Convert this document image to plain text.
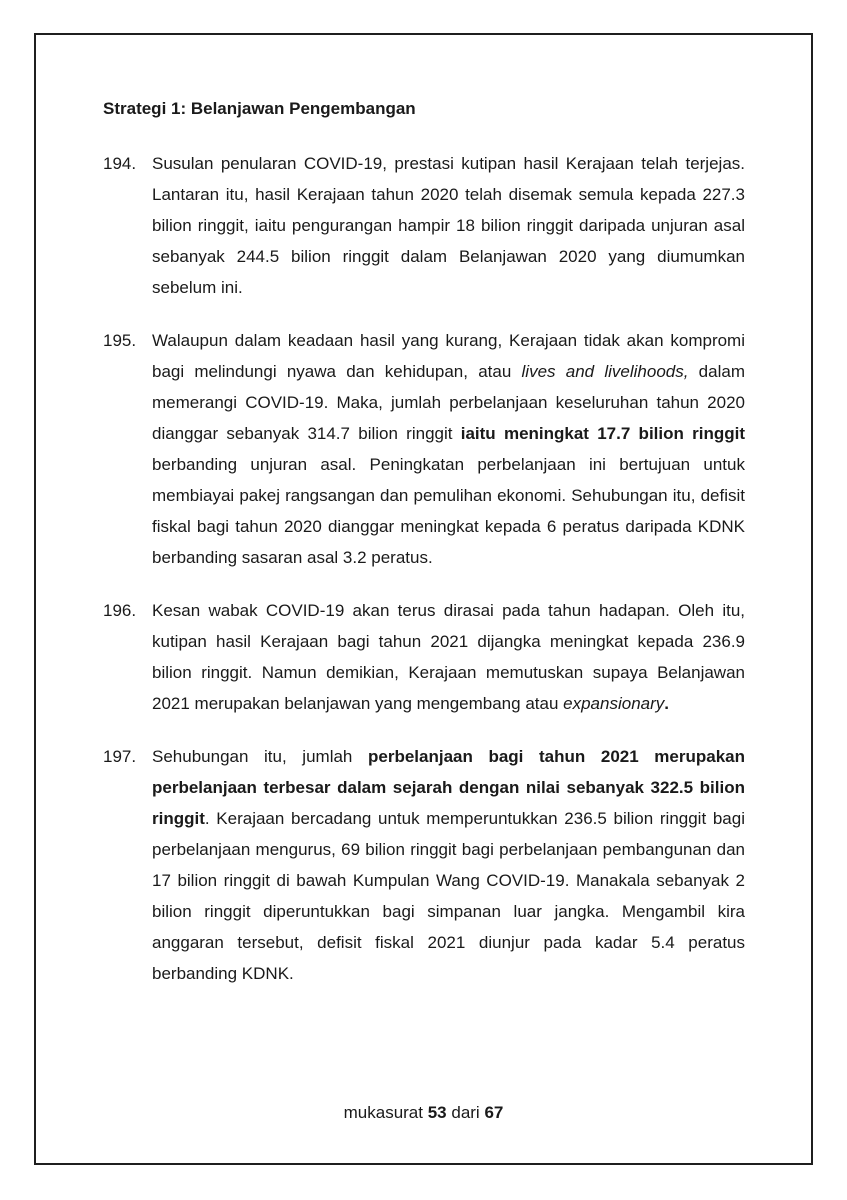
Strategi 1: Belanjawan Pengembangan
194. Susulan penularan COVID-19, prestasi kutipan hasil Kerajaan telah terjejas. Lantaran itu, hasil Kerajaan tahun 2020 telah disemak semula kepada 227.3 bilion ringgit, iaitu pengurangan hampir 18 bilion ringgit daripada unjuran asal sebanyak 244.5 bilion ringgit dalam Belanjawan 2020 yang diumumkan sebelum ini.
195. Walaupun dalam keadaan hasil yang kurang, Kerajaan tidak akan kompromi bagi melindungi nyawa dan kehidupan, atau lives and livelihoods, dalam memerangi COVID-19. Maka, jumlah perbelanjaan keseluruhan tahun 2020 dianggar sebanyak 314.7 bilion ringgit iaitu meningkat 17.7 bilion ringgit berbanding unjuran asal. Peningkatan perbelanjaan ini bertujuan untuk membiayai pakej rangsangan dan pemulihan ekonomi. Sehubungan itu, defisit fiskal bagi tahun 2020 dianggar meningkat kepada 6 peratus daripada KDNK berbanding sasaran asal 3.2 peratus.
196. Kesan wabak COVID-19 akan terus dirasai pada tahun hadapan. Oleh itu, kutipan hasil Kerajaan bagi tahun 2021 dijangka meningkat kepada 236.9 bilion ringgit. Namun demikian, Kerajaan memutuskan supaya Belanjawan 2021 merupakan belanjawan yang mengembang atau expansionary.
197. Sehubungan itu, jumlah perbelanjaan bagi tahun 2021 merupakan perbelanjaan terbesar dalam sejarah dengan nilai sebanyak 322.5 bilion ringgit. Kerajaan bercadang untuk memperuntukkan 236.5 bilion ringgit bagi perbelanjaan mengurus, 69 bilion ringgit bagi perbelanjaan pembangunan dan 17 bilion ringgit di bawah Kumpulan Wang COVID-19. Manakala sebanyak 2 bilion ringgit diperuntukkan bagi simpanan luar jangka. Mengambil kira anggaran tersebut, defisit fiskal 2021 diunjur pada kadar 5.4 peratus berbanding KDNK.
mukasurat 53 dari 67
